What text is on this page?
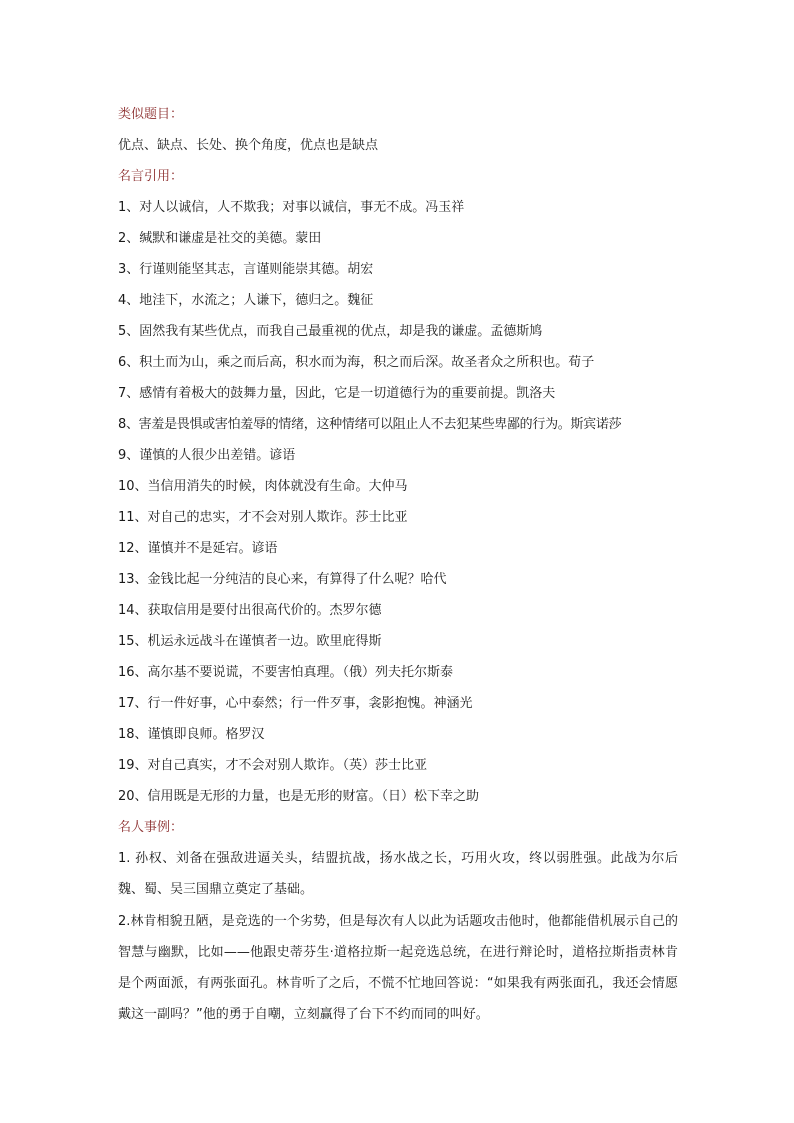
类似题目：
优点、缺点、长处、换个角度，优点也是缺点
名言引用：
1、对人以诚信，人不欺我；对事以诚信，事无不成。冯玉祥
2、缄默和谦虚是社交的美德。蒙田
3、行谨则能坚其志，言谨则能崇其德。胡宏
4、地洼下，水流之；人谦下，德归之。魏征
5、固然我有某些优点，而我自己最重视的优点，却是我的谦虚。孟德斯鸠
6、积土而为山，乘之而后高，积水而为海，积之而后深。故圣者众之所积也。荀子
7、感情有着极大的鼓舞力量，因此，它是一切道德行为的重要前提。凯洛夫
8、害羞是畏惧或害怕羞辱的情绪，这种情绪可以阻止人不去犯某些卑鄙的行为。斯宾诺莎
9、谨慎的人很少出差错。谚语
10、当信用消失的时候，肉体就没有生命。大仲马
11、对自己的忠实，才不会对别人欺诈。莎士比亚
12、谨慎并不是延宕。谚语
13、金钱比起一分纯洁的良心来，有算得了什么呢？哈代
14、获取信用是要付出很高代价的。杰罗尔德
15、机运永远战斗在谨慎者一边。欧里庇得斯
16、高尔基不要说谎，不要害怕真理。（俄）列夫托尔斯泰
17、行一件好事，心中泰然；行一件歹事，衾影抱愧。神涵光
18、谨慎即良师。格罗汉
19、对自己真实，才不会对别人欺诈。（英）莎士比亚
20、信用既是无形的力量，也是无形的财富。（日）松下幸之助
名人事例：
1. 孙权、刘备在强敌进逼关头，结盟抗战，扬水战之长，巧用火攻，终以弱胜强。此战为尔后魏、蜀、吴三国鼎立奠定了基础。
2.林肯相貌丑陋，是竞选的一个劣势，但是每次有人以此为话题攻击他时，他都能借机展示自己的智慧与幽默，比如——他跟史蒂芬生·道格拉斯一起竞选总统，在进行辩论时，道格拉斯指责林肯是个两面派，有两张面孔。林肯听了之后，不慌不忙地回答说：“如果我有两张面孔，我还会情愿戴这一副吗？”他的勇于自嘲，立刻赢得了台下不约而同的叫好。
